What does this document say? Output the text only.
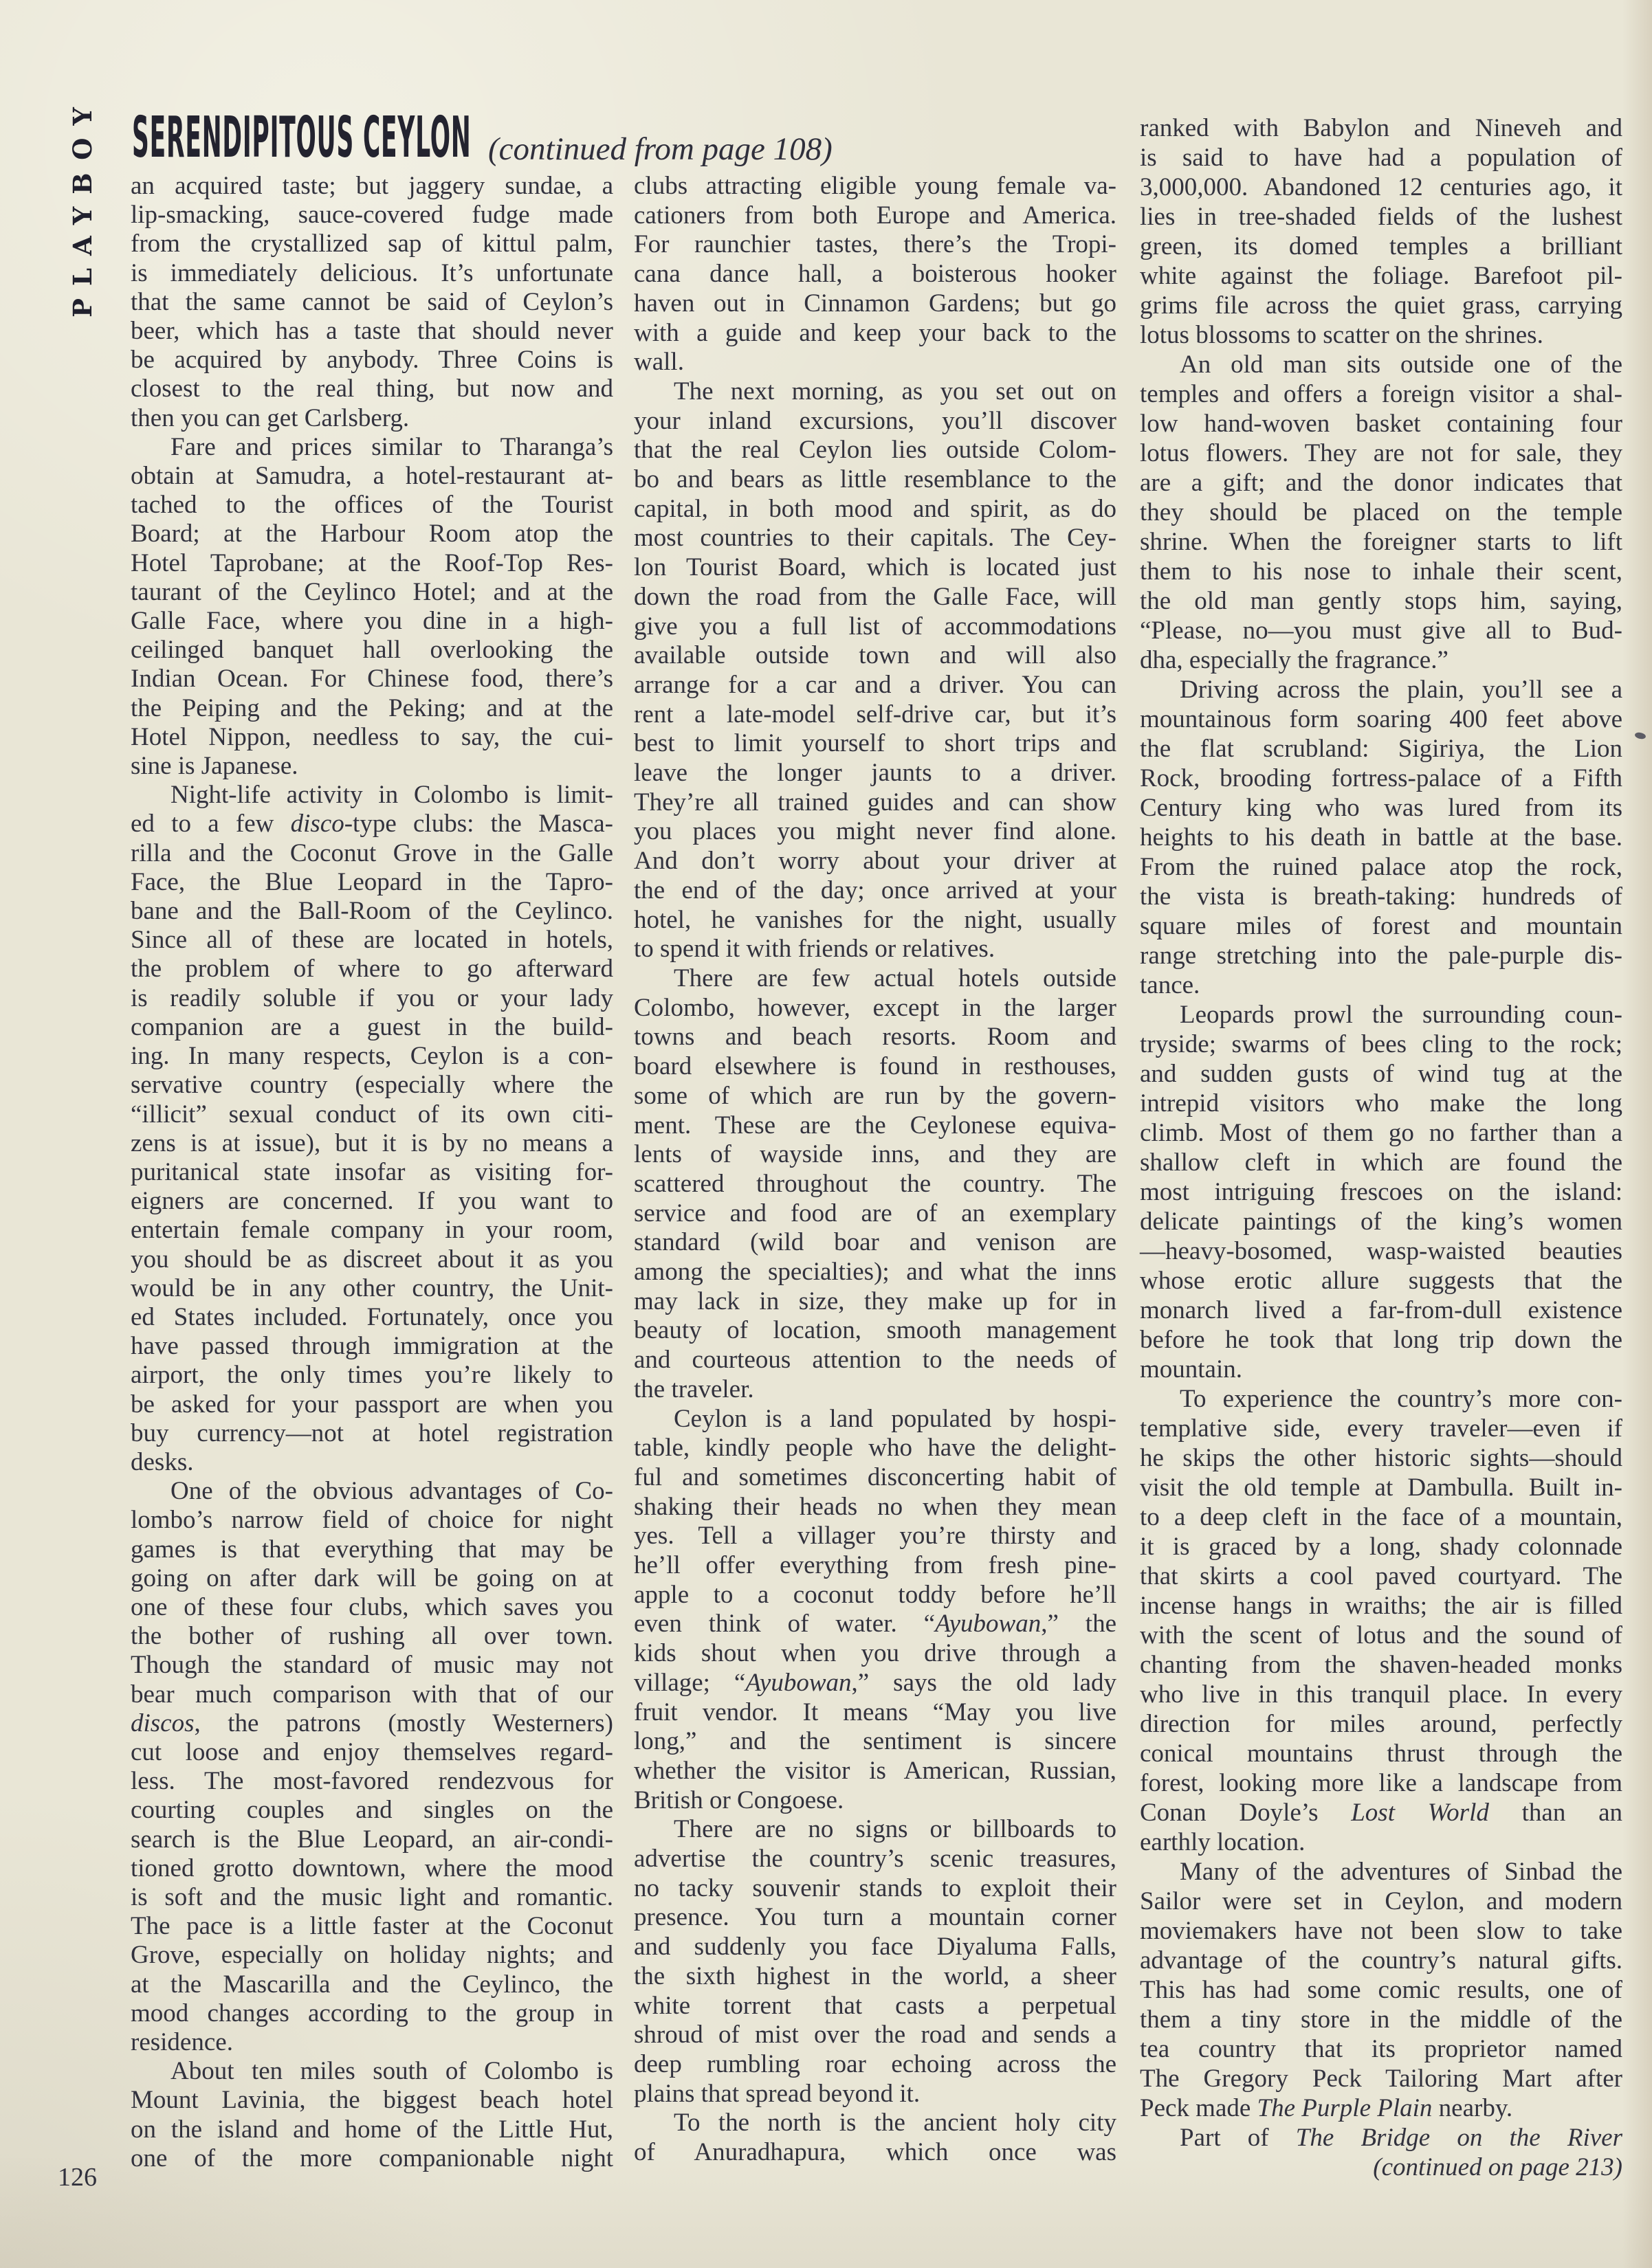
PLAYBOY SERENDIPITOUS CEYLON (continued from page 108)
an acquired taste; but jaggery sundae, a
lip-smacking, sauce-covered fudge made
from the crystallized sap of kittul palm,
is immediately delicious. It’s unfortunate
that the same cannot be said of Ceylon’s
beer, which has a taste that should never
be acquired by anybody. Three Coins is
closest to the real thing, but now and
then you can get Carlsberg.
Fare and prices similar to Tharanga’s
obtain at Samudra, a hotel-restaurant at-
tached to the offices of the Tourist
Board; at the Harbour Room atop the
Hotel Taprobane; at the Roof-Top Res-
taurant of the Ceylinco Hotel; and at the
Galle Face, where you dine in a high-
ceilinged banquet hall overlooking the
Indian Ocean. For Chinese food, there’s
the Peiping and the Peking; and at the
Hotel Nippon, needless to say, the cui-
sine is Japanese.
Night-life activity in Colombo is limit-
ed to a few disco-type clubs: the Masca-
rilla and the Coconut Grove in the Galle
Face, the Blue Leopard in the Tapro-
bane and the Ball-Room of the Ceylinco.
Since all of these are located in hotels,
the problem of where to go afterward
is readily soluble if you or your lady
companion are a guest in the build-
ing. In many respects, Ceylon is a con-
servative country (especially where the
“illicit” sexual conduct of its own citi-
zens is at issue), but it is by no means a
puritanical state insofar as visiting for-
eigners are concerned. If you want to
entertain female company in your room,
you should be as discreet about it as you
would be in any other country, the Unit-
ed States included. Fortunately, once you
have passed through immigration at the
airport, the only times you’re likely to
be asked for your passport are when you
buy currency—not at hotel registration
desks.
One of the obvious advantages of Co-
lombo’s narrow field of choice for night
games is that everything that may be
going on after dark will be going on at
one of these four clubs, which saves you
the bother of rushing all over town.
Though the standard of music may not
bear much comparison with that of our
discos, the patrons (mostly Westerners)
cut loose and enjoy themselves regard-
less. The most-favored rendezvous for
courting couples and singles on the
search is the Blue Leopard, an air-condi-
tioned grotto downtown, where the mood
is soft and the music light and romantic.
The pace is a little faster at the Coconut
Grove, especially on holiday nights; and
at the Mascarilla and the Ceylinco, the
mood changes according to the group in
residence.
About ten miles south of Colombo is
Mount Lavinia, the biggest beach hotel
on the island and home of the Little Hut,
one of the more companionable night
clubs attracting eligible young female va-
cationers from both Europe and America.
For raunchier tastes, there’s the Tropi-
cana dance hall, a boisterous hooker
haven out in Cinnamon Gardens; but go
with a guide and keep your back to the
wall.
The next morning, as you set out on
your inland excursions, you’ll discover
that the real Ceylon lies outside Colom-
bo and bears as little resemblance to the
capital, in both mood and spirit, as do
most countries to their capitals. The Cey-
lon Tourist Board, which is located just
down the road from the Galle Face, will
give you a full list of accommodations
available outside town and will also
arrange for a car and a driver. You can
rent a late-model self-drive car, but it’s
best to limit yourself to short trips and
leave the longer jaunts to a driver.
They’re all trained guides and can show
you places you might never find alone.
And don’t worry about your driver at
the end of the day; once arrived at your
hotel, he vanishes for the night, usually
to spend it with friends or relatives.
There are few actual hotels outside
Colombo, however, except in the larger
towns and beach resorts. Room and
board elsewhere is found in resthouses,
some of which are run by the govern-
ment. These are the Ceylonese equiva-
lents of wayside inns, and they are
scattered throughout the country. The
service and food are of an exemplary
standard (wild boar and venison are
among the specialties); and what the inns
may lack in size, they make up for in
beauty of location, smooth management
and courteous attention to the needs of
the traveler.
Ceylon is a land populated by hospi-
table, kindly people who have the delight-
ful and sometimes disconcerting habit of
shaking their heads no when they mean
yes. Tell a villager you’re thirsty and
he’ll offer everything from fresh pine-
apple to a coconut toddy before he’ll
even think of water. “Ayubowan,” the
kids shout when you drive through a
village; “Ayubowan,” says the old lady
fruit vendor. It means “May you live
long,” and the sentiment is sincere
whether the visitor is American, Russian,
British or Congoese.
There are no signs or billboards to
advertise the country’s scenic treasures,
no tacky souvenir stands to exploit their
presence. You turn a mountain corner
and suddenly you face Diyaluma Falls,
the sixth highest in the world, a sheer
white torrent that casts a perpetual
shroud of mist over the road and sends a
deep rumbling roar echoing across the
plains that spread beyond it.
To the north is the ancient holy city
of Anuradhapura, which once was
ranked with Babylon and Nineveh and
is said to have had a population of
3,000,000. Abandoned 12 centuries ago, it
lies in tree-shaded fields of the lushest
green, its domed temples a brilliant
white against the foliage. Barefoot pil-
grims file across the quiet grass, carrying
lotus blossoms to scatter on the shrines.
An old man sits outside one of the
temples and offers a foreign visitor a shal-
low hand-woven basket containing four
lotus flowers. They are not for sale, they
are a gift; and the donor indicates that
they should be placed on the temple
shrine. When the foreigner starts to lift
them to his nose to inhale their scent,
the old man gently stops him, saying,
“Please, no—you must give all to Bud-
dha, especially the fragrance.”
Driving across the plain, you’ll see a
mountainous form soaring 400 feet above
the flat scrubland: Sigiriya, the Lion
Rock, brooding fortress-palace of a Fifth
Century king who was lured from its
heights to his death in battle at the base.
From the ruined palace atop the rock,
the vista is breath-taking: hundreds of
square miles of forest and mountain
range stretching into the pale-purple dis-
tance.
Leopards prowl the surrounding coun-
tryside; swarms of bees cling to the rock;
and sudden gusts of wind tug at the
intrepid visitors who make the long
climb. Most of them go no farther than a
shallow cleft in which are found the
most intriguing frescoes on the island:
delicate paintings of the king’s women
—heavy-bosomed, wasp-waisted beauties
whose erotic allure suggests that the
monarch lived a far-from-dull existence
before he took that long trip down the
mountain.
To experience the country’s more con-
templative side, every traveler—even if
he skips the other historic sights—should
visit the old temple at Dambulla. Built in-
to a deep cleft in the face of a mountain,
it is graced by a long, shady colonnade
that skirts a cool paved courtyard. The
incense hangs in wraiths; the air is filled
with the scent of lotus and the sound of
chanting from the shaven-headed monks
who live in this tranquil place. In every
direction for miles around, perfectly
conical mountains thrust through the
forest, looking more like a landscape from
Conan Doyle’s Lost World than an
earthly location.
Many of the adventures of Sinbad the
Sailor were set in Ceylon, and modern
moviemakers have not been slow to take
advantage of the country’s natural gifts.
This has had some comic results, one of
them a tiny store in the middle of the
tea country that its proprietor named
The Gregory Peck Tailoring Mart after
Peck made The Purple Plain nearby.
Part of The Bridge on the River
(continued on page 213)
126
